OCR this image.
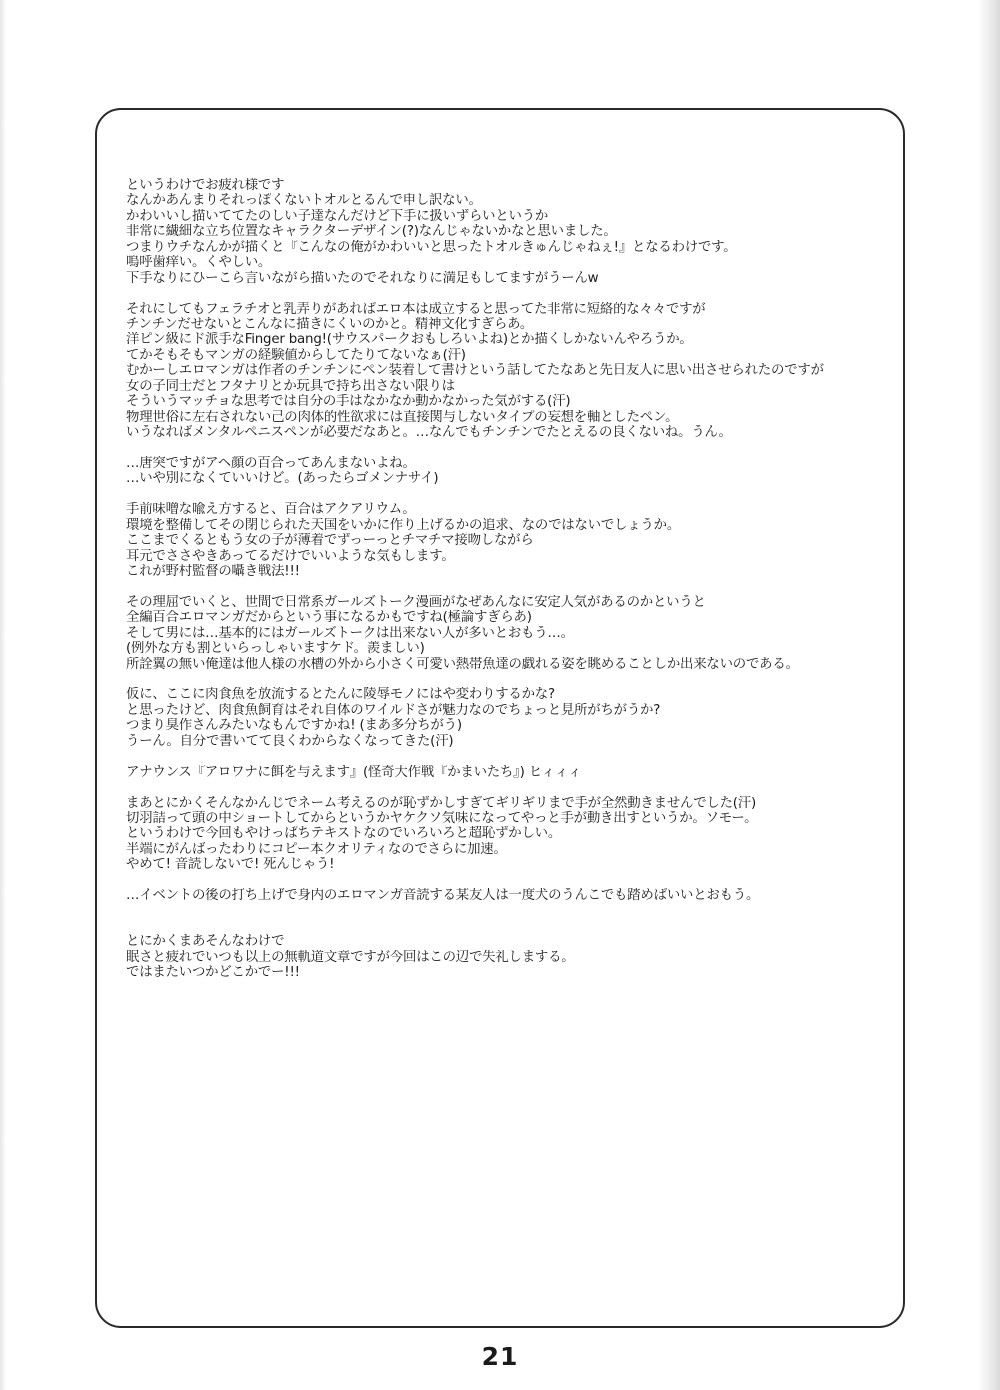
というわけでお疲れ様です
なんかあんまりそれっぽくないトオルとるんで申し訳ない。
かわいいし描いててたのしい子達なんだけど下手に扱いずらいというか
非常に繊細な立ち位置なキャラクターデザイン(?)なんじゃないかなと思いました。
つまりウチなんかが描くと『こんなの俺がかわいいと思ったトオルきゅんじゃねぇ!』となるわけです。
嗚呼歯痒い。くやしい。
下手なりにひーこら言いながら描いたのでそれなりに満足もしてますがうーんw
それにしてもフェラチオと乳弄りがあればエロ本は成立すると思ってた非常に短絡的な々々ですが
チンチンだせないとこんなに描きにくいのかと。精神文化すぎらあ。
洋ピン級にド派手なFinger bang!(サウスパークおもしろいよね)とか描くしかないんやろうか。
てかそもそもマンガの経験値からしてたりてないなぁ(汗)
むかーしエロマンガは作者のチンチンにペン装着して書けという話してたなあと先日友人に思い出させられたのですが
女の子同士だとフタナリとか玩具で持ち出さない限りは
そういうマッチョな思考では自分の手はなかなか動かなかった気がする(汗)
物理世俗に左右されない己の肉体的性欲求には直接関与しないタイプの妄想を軸としたペン。
いうなればメンタルペニスペンが必要だなあと。…なんでもチンチンでたとえるの良くないね。うん。
…唐突ですがアヘ顔の百合ってあんまないよね。
…いや別になくていいけど。(あったらゴメンナサイ)
手前味噌な喩え方すると、百合はアクアリウム。
環境を整備してその閉じられた天国をいかに作り上げるかの追求、なのではないでしょうか。
ここまでくるともう女の子が薄着でずっーっとチマチマ接吻しながら
耳元でささやきあってるだけでいいような気もします。
これが野村監督の囁き戦法!!!
その理屈でいくと、世間で日常系ガールズトーク漫画がなぜあんなに安定人気があるのかというと
全編百合エロマンガだからという事になるかもですね(極論すぎらあ)
そして男には…基本的にはガールズトークは出来ない人が多いとおもう…。
(例外な方も割といらっしゃいますケド。羨ましい)
所詮翼の無い俺達は他人様の水槽の外から小さく可愛い熱帯魚達の戯れる姿を眺めることしか出来ないのである。
仮に、ここに肉食魚を放流するとたんに陵辱モノにはや変わりするかな?
と思ったけど、肉食魚飼育はそれ自体のワイルドさが魅力なのでちょっと見所がちがうか?
つまり臭作さんみたいなもんですかね! (まあ多分ちがう)
うーん。自分で書いてて良くわからなくなってきた(汗)
アナウンス『アロワナに餌を与えます』(怪奇大作戦『かまいたち』) ヒィィィ
まあとにかくそんなかんじでネーム考えるのが恥ずかしすぎてギリギリまで手が全然動きませんでした(汗)
切羽詰って頭の中ショートしてからというかヤケクソ気味になってやっと手が動き出すというか。ソモー。
というわけで今回もやけっぱちテキストなのでいろいろと超恥ずかしい。
半端にがんばったわりにコピー本クオリティなのでさらに加速。
やめて! 音読しないで! 死んじゃう!
…イベントの後の打ち上げで身内のエロマンガ音読する某友人は一度犬のうんこでも踏めばいいとおもう。
とにかくまあそんなわけで
眠さと疲れでいつも以上の無軌道文章ですが今回はこの辺で失礼しまする。
ではまたいつかどこかでー!!!
21
